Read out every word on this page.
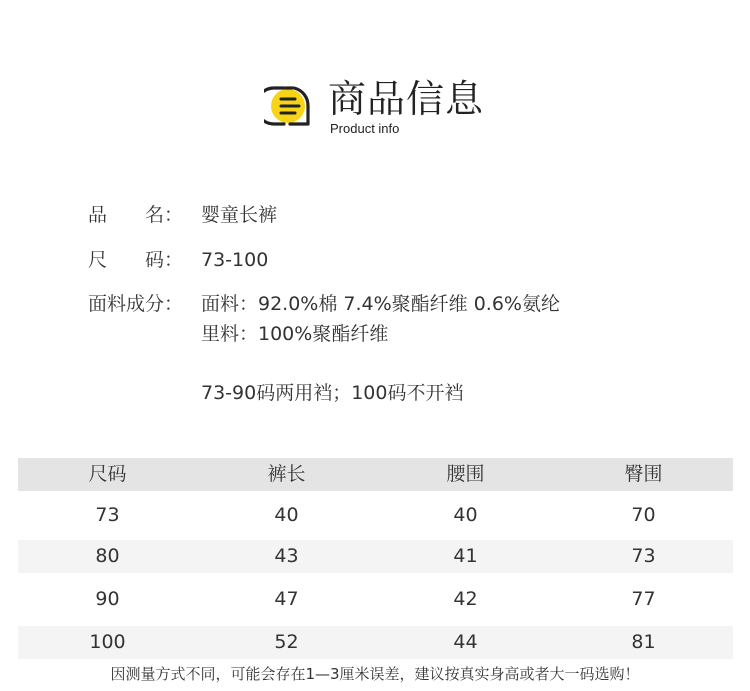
商品信息
Product info
品　　名： 婴童长裤
尺　　码： 73-100
面料成分： 面料：92.0%棉 7.4%聚酯纤维 0.6%氨纶
里料：100%聚酯纤维
73-90码两用裆；100码不开裆
尺码	裤长	腰围	臀围
73	40	40	70
80	43	41	73
90	47	42	77
100	52	44	81
因测量方式不同，可能会存在1—3厘米误差，建议按真实身高或者大一码选购！
